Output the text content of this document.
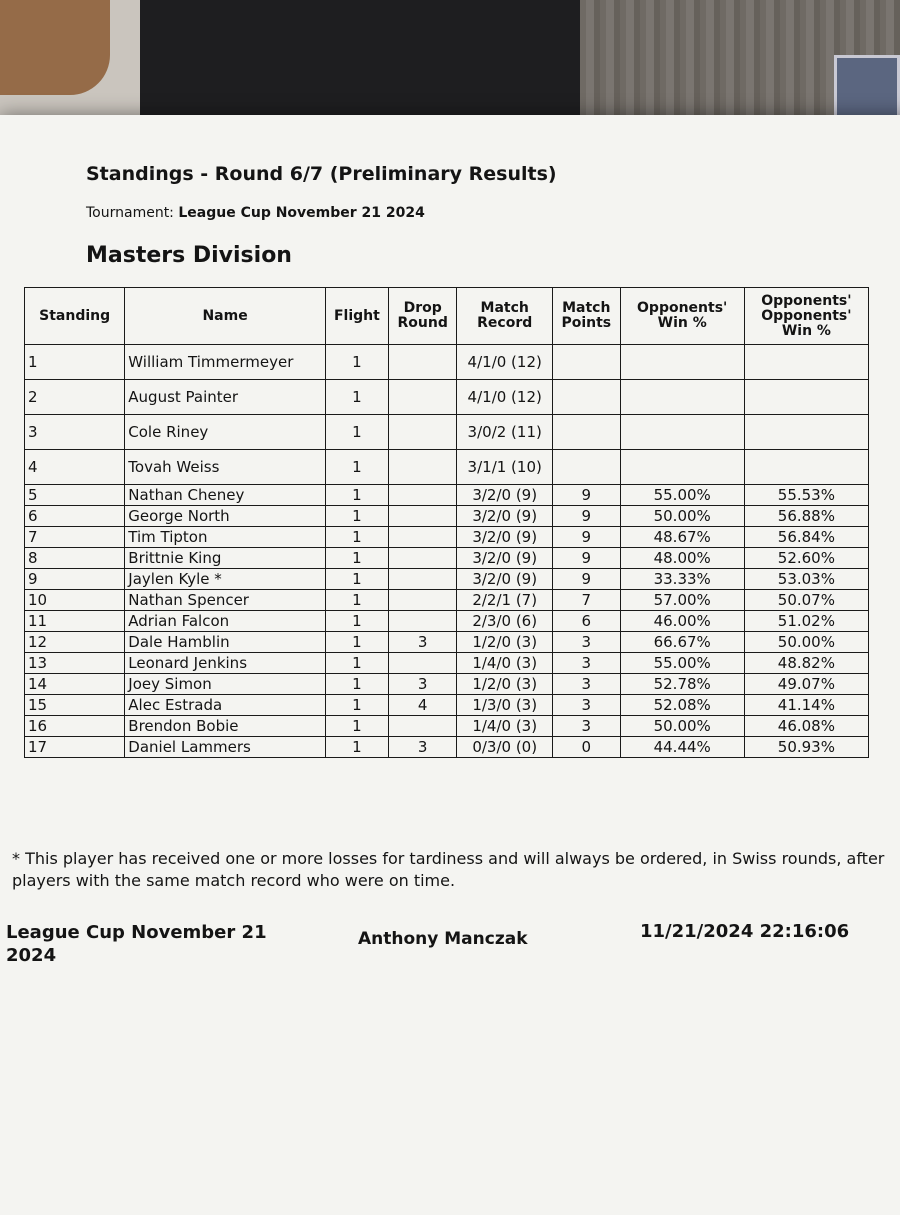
Standings - Round 6/7 (Preliminary Results)
Tournament: League Cup November 21 2024
Masters Division
Standing	Name	Flight	Drop Round	Match Record	Match Points	Opponents' Win %	Opponents' Opponents' Win %
1	William Timmermeyer	1		4/1/0 (12)			
2	August Painter	1		4/1/0 (12)			
3	Cole Riney	1		3/0/2 (11)			
4	Tovah Weiss	1		3/1/1 (10)			
5	Nathan Cheney	1		3/2/0 (9)	9	55.00%	55.53%
6	George North	1		3/2/0 (9)	9	50.00%	56.88%
7	Tim Tipton	1		3/2/0 (9)	9	48.67%	56.84%
8	Brittnie King	1		3/2/0 (9)	9	48.00%	52.60%
9	Jaylen Kyle *	1		3/2/0 (9)	9	33.33%	53.03%
10	Nathan Spencer	1		2/2/1 (7)	7	57.00%	50.07%
11	Adrian Falcon	1		2/3/0 (6)	6	46.00%	51.02%
12	Dale Hamblin	1	3	1/2/0 (3)	3	66.67%	50.00%
13	Leonard Jenkins	1		1/4/0 (3)	3	55.00%	48.82%
14	Joey Simon	1	3	1/2/0 (3)	3	52.78%	49.07%
15	Alec Estrada	1	4	1/3/0 (3)	3	52.08%	41.14%
16	Brendon Bobie	1		1/4/0 (3)	3	50.00%	46.08%
17	Daniel Lammers	1	3	0/3/0 (0)	0	44.44%	50.93%
* This player has received one or more losses for tardiness and will always be ordered, in Swiss rounds, after players with the same match record who were on time.
League Cup November 21 2024
Anthony Manczak	11/21/2024 22:16:06
